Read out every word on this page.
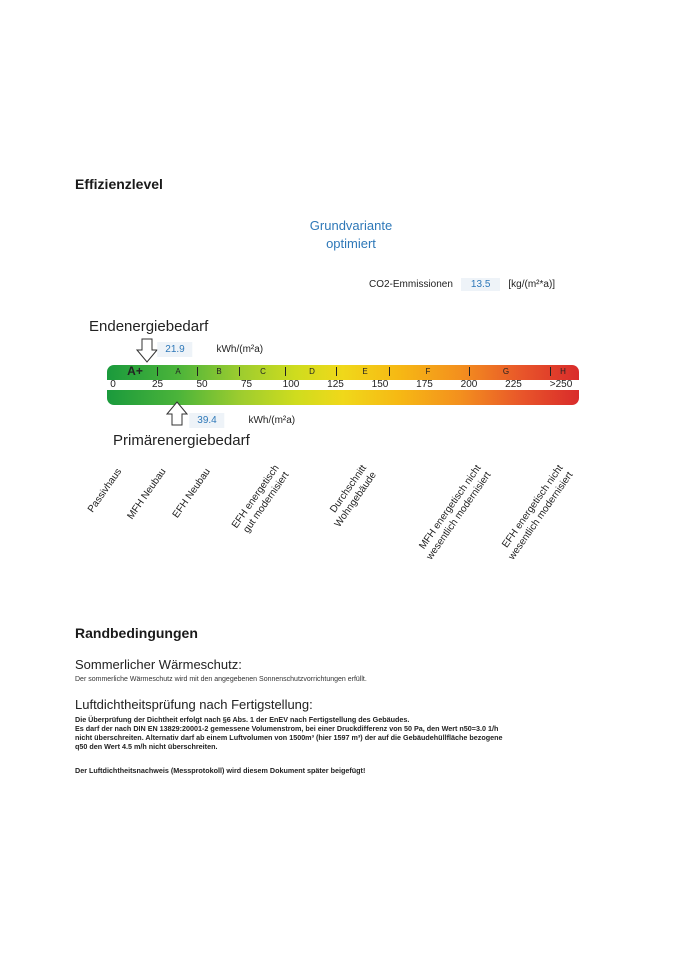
Effizienzlevel
Grundvariante
optimiert
CO2-Emmissionen	13.5	[kg/(m²*a)]
Endenergiebedarf
21.9	kWh/(m²a)
0	25	50	75	100	125	150	175	200	225	>250
A+	A	B	C	D	E	F	G	H
39.4	kWh/(m²a)
Primärenergiebedarf
Passivhaus MFH Neubau EFH Neubau EFH energetisch
gut modernisiert	Durchschnitt
Wohngebäude	MFH energetisch nicht
wesentlich modernisiert EFH energetisch nicht
wesentlich modernisiert
Randbedingungen
Sommerlicher Wärmeschutz:
Der sommerliche Wärmeschutz wird mit den angegebenen Sonnenschutzvorrichtungen erfüllt.
Luftdichtheitsprüfung nach Fertigstellung:
Die Überprüfung der Dichtheit erfolgt nach §6 Abs. 1 der EnEV nach Fertigstellung des Gebäudes.
Es darf der nach DIN EN 13829:20001-2 gemessene Volumenstrom, bei einer Druckdifferenz von 50 Pa, den Wert n50=3.0 1/h
nicht überschreiten. Alternativ darf ab einem Luftvolumen von 1500m³ (hier 1597 m³) der auf die Gebäudehüllfläche bezogene
q50 den Wert 4.5 m/h nicht überschreiten.
Der Luftdichtheitsnachweis (Messprotokoll) wird diesem Dokument später beigefügt!
